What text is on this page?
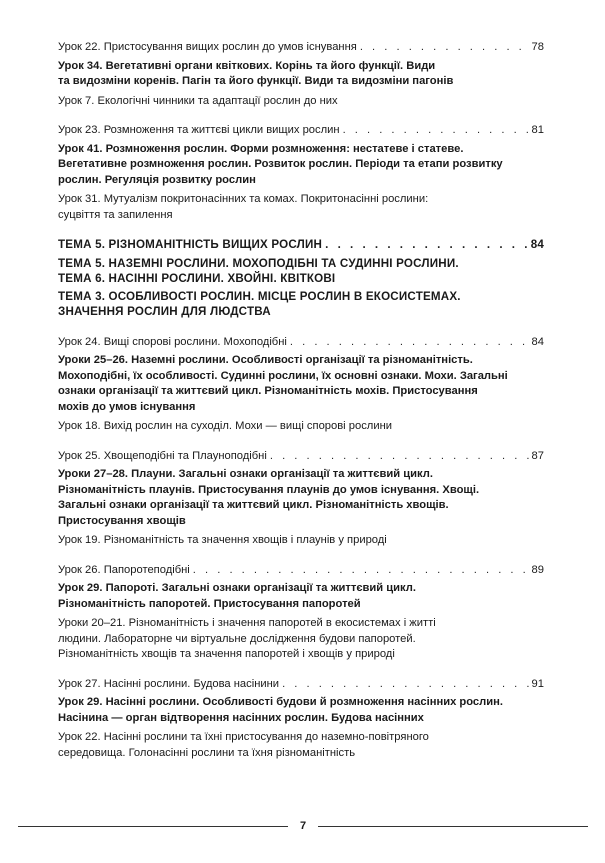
Урок 22. Пристосування вищих рослин до умов існування . . .	78
Урок 34. Вегетативні органи квіткових. Корінь та його функції. Види
та видозміни коренів. Пагін та його функції. Види та видозміни пагонів
Урок 7. Екологічні чинники та адаптації рослин до них
Урок 23. Розмноження та життєві цикли вищих рослин . . .	81
Урок 41. Розмноження рослин. Форми розмноження: нестатеве і статеве.
Вегетативне розмноження рослин. Розвиток рослин. Періоди та етапи розвитку
рослин. Регуляція розвитку рослин
Урок 31. Мутуалізм покритонасінних та комах. Покритонасінні рослини:
суцвіття та запилення
ТЕМА 5. РІЗНОМАНІТНІСТЬ ВИЩИХ РОСЛИН . . .	84
ТЕМА 5. НАЗЕМНІ РОСЛИНИ. МОХОПОДІБНІ ТА СУДИННІ РОСЛИНИ.
ТЕМА 6. НАСІННІ РОСЛИНИ. ХВОЙНІ. КВІТКОВІ
ТЕМА 3. ОСОБЛИВОСТІ РОСЛИН. МІСЦЕ РОСЛИН В ЕКОСИСТЕМАХ.
ЗНАЧЕННЯ РОСЛИН ДЛЯ ЛЮДСТВА
Урок 24. Вищі спорові рослини. Мохоподібні . . .	84
Уроки 25–26. Наземні рослини. Особливості організації та різноманітність.
Мохоподібні, їх особливості. Судинні рослини, їх основні ознаки. Мохи. Загальні
ознаки організації та життєвий цикл. Різноманітність мохів. Пристосування
мохів до умов існування
Урок 18. Вихід рослин на суходіл. Мохи — вищі спорові рослини
Урок 25. Хвощеподібні та Плауноподібні . . .	87
Уроки 27–28. Плауни. Загальні ознаки організації та життєвий цикл.
Різноманітність плаунів. Пристосування плаунів до умов існування. Хвощі.
Загальні ознаки організації та життєвий цикл. Різноманітність хвощів.
Пристосування хвощів
Урок 19. Різноманітність та значення хвощів і плаунів у природі
Урок 26. Папоротеподібні . . .	89
Урок 29. Папороті. Загальні ознаки організації та життєвий цикл.
Різноманітність папоротей. Пристосування папоротей
Уроки 20–21. Різноманітність і значення папоротей в екосистемах і житті
людини. Лабораторне чи віртуальне дослідження будови папоротей.
Різноманітність хвощів та значення папоротей і хвощів у природі
Урок 27. Насінні рослини. Будова насінини . . .	91
Урок 29. Насінні рослини. Особливості будови й розмноження насінних рослин.
Насінина — орган відтворення насінних рослин. Будова насінних
Урок 22. Насінні рослини та їхні пристосування до наземно-повітряного
середовища. Голонасінні рослини та їхня різноманітність
7
